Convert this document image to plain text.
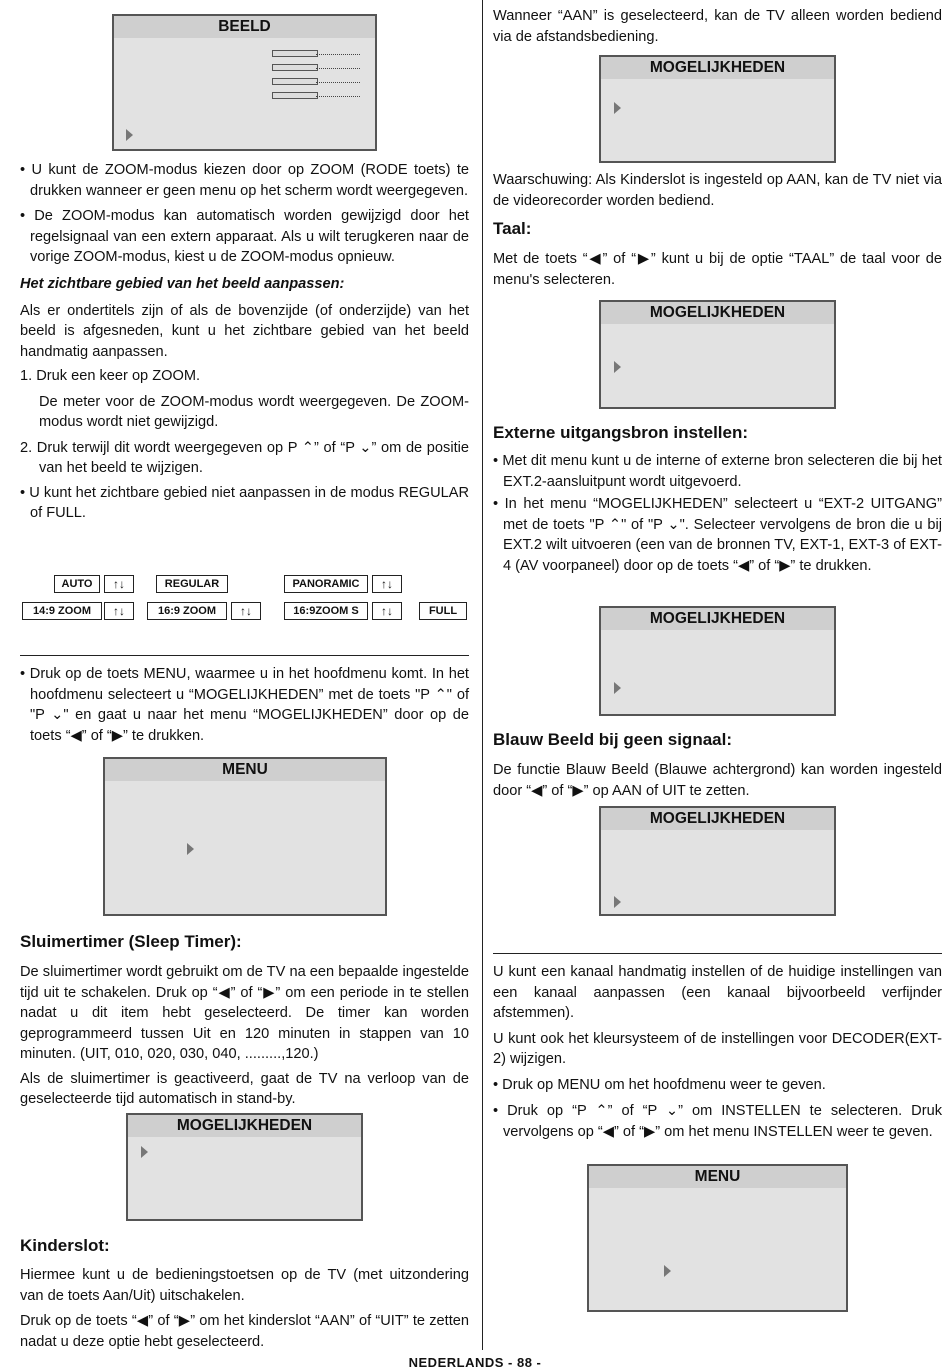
BEELD

• U kunt de ZOOM-modus kiezen door op ZOOM (RODE toets) te drukken wanneer er geen menu op het scherm wordt weergegeven.

• De ZOOM-modus kan automatisch worden gewijzigd door het regelsignaal van een extern apparaat. Als u wilt terugkeren naar de vorige ZOOM-modus, kiest u de ZOOM-modus opnieuw.

Het zichtbare gebied van het beeld aanpassen:

Als er ondertitels zijn of als de bovenzijde (of onderzijde) van het beeld is afgesneden, kunt u het zichtbare gebied van het beeld handmatig aanpassen.

1. Druk een keer op ZOOM.

De meter voor de ZOOM-modus wordt weergegeven. De ZOOM-modus wordt niet gewijzigd.

2. Druk terwijl dit wordt weergegeven op P ⌃” of “P ⌄” om de positie van het beeld te wijzigen.

• U kunt het zichtbare gebied niet aanpassen in de modus REGULAR of FULL.

AUTO	↑↓	REGULAR	PANORAMIC	↑↓
14:9 ZOOM	↑↓	16:9 ZOOM	↑↓	16:9ZOOM S	↑↓	FULL

• Druk op de toets MENU, waarmee u in het hoofdmenu komt. In het hoofdmenu selecteert u “MOGELIJKHEDEN” met de toets "P ⌃" of "P ⌄" en gaat u naar het menu “MOGELIJKHEDEN” door op de toets “◀” of “▶” te drukken.

MENU
Sluimertimer (Sleep Timer):

De sluimertimer wordt gebruikt om de TV na een bepaalde ingestelde tijd uit te schakelen. Druk op “◀” of “▶” om een periode in te stellen nadat u dit item hebt geselecteerd. De timer kan worden geprogrammeerd tussen Uit en 120 minuten in stappen van 10 minuten. (UIT, 010, 020, 030, 040, .........,120.)

Als de sluimertimer is geactiveerd, gaat de TV na verloop van de geselecteerde tijd automatisch in stand-by.

MOGELIJKHEDEN
Kinderslot:

Hiermee kunt u de bedieningstoetsen op de TV (met uitzondering van de toets Aan/Uit) uitschakelen.

Druk op de toets “◀” of “▶” om het kinderslot “AAN” of “UIT” te zetten nadat u deze optie hebt geselecteerd.

Wanneer “AAN” is geselecteerd, kan de TV alleen worden bediend via de afstandsbediening.

MOGELIJKHEDEN

Waarschuwing: Als Kinderslot is ingesteld op AAN, kan de TV niet via de videorecorder worden bediend.

Taal:

Met de toets “◀” of “▶” kunt u bij de optie “TAAL” de taal voor de menu's selecteren.

MOGELIJKHEDEN
Externe uitgangsbron instellen:

• Met dit menu kunt u de interne of externe bron selecteren die bij het EXT.2-aansluitpunt wordt uitgevoerd.

• In het menu “MOGELIJKHEDEN” selecteert u “EXT-2 UITGANG” met de toets "P ⌃" of "P ⌄". Selecteer vervolgens de bron die u bij EXT.2 wilt uitvoeren (een van de bronnen TV, EXT-1, EXT-3 of EXT-4 (AV voorpaneel) door op de toets “◀” of “▶” te drukken.

MOGELIJKHEDEN
Blauw Beeld bij geen signaal:

De functie Blauw Beeld (Blauwe achtergrond) kan worden ingesteld door “◀” of “▶” op AAN of UIT te zetten.

MOGELIJKHEDEN

U kunt een kanaal handmatig instellen of de huidige instellingen van een kanaal aanpassen (een kanaal bijvoorbeeld verfijnder afstemmen).

U kunt ook het kleursysteem of de instellingen voor DECODER(EXT-2) wijzigen.

• Druk op MENU om het hoofdmenu weer te geven.

• Druk op “P ⌃” of “P ⌄” om INSTELLEN te selecteren. Druk vervolgens op “◀” of “▶” om het menu INSTELLEN weer te geven.

MENU
NEDERLANDS - 88 -
